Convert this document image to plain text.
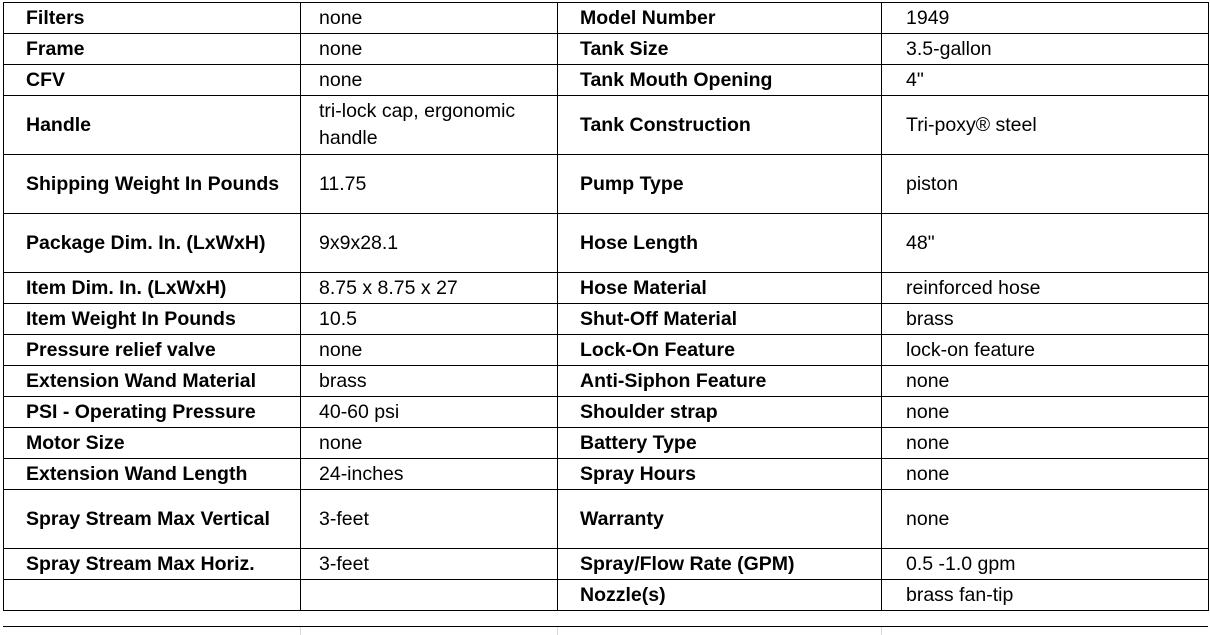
Filters	none	Model Number	1949
Frame	none	Tank Size	3.5-gallon
CFV	none	Tank Mouth Opening	4"
Handle	tri-lock cap, ergonomic handle	Tank Construction	Tri-poxy® steel
Shipping Weight In Pounds	11.75	Pump Type	piston
Package Dim. In. (LxWxH)	9x9x28.1	Hose Length	48"
Item Dim. In. (LxWxH)	8.75 x 8.75 x 27	Hose Material	reinforced hose
Item Weight In Pounds	10.5	Shut-Off Material	brass
Pressure relief valve	none	Lock-On Feature	lock-on feature
Extension Wand Material	brass	Anti-Siphon Feature	none
PSI - Operating Pressure	40-60 psi	Shoulder strap	none
Motor Size	none	Battery Type	none
Extension Wand Length	24-inches	Spray Hours	none
Spray Stream Max Vertical	3-feet	Warranty	none
Spray Stream Max Horiz.	3-feet	Spray/Flow Rate (GPM)	0.5 -1.0 gpm
		Nozzle(s)	brass fan-tip
